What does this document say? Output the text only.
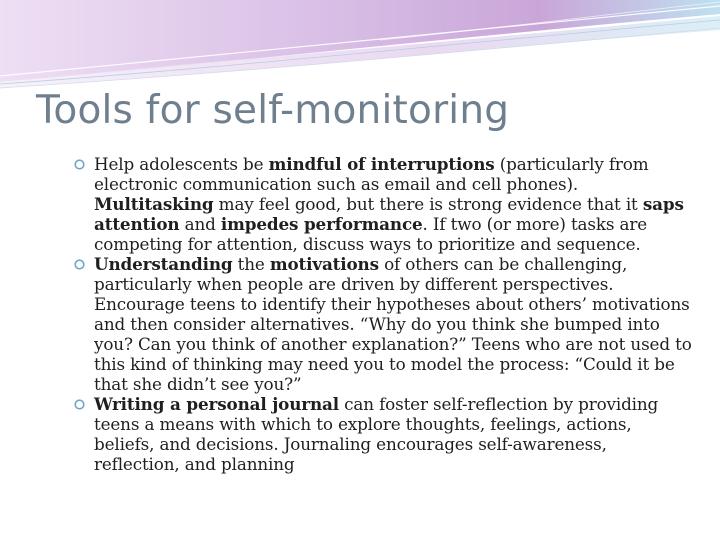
Tools for self-monitoring
Help adolescents be mindful of interruptions (particularly from electronic communication such as email and cell phones). Multitasking may feel good, but there is strong evidence that it saps attention and impedes performance. If two (or more) tasks are competing for attention, discuss ways to prioritize and sequence.
Understanding the motivations of others can be challenging, particularly when people are driven by different perspectives. Encourage teens to identify their hypotheses about others’ motivations and then consider alternatives. “Why do you think she bumped into you? Can you think of another explanation?” Teens who are not used to this kind of thinking may need you to model the process: “Could it be that she didn’t see you?”
Writing a personal journal can foster self-reflection by providing teens a means with which to explore thoughts, feelings, actions, beliefs, and decisions. Journaling encourages self-awareness, reflection, and planning
